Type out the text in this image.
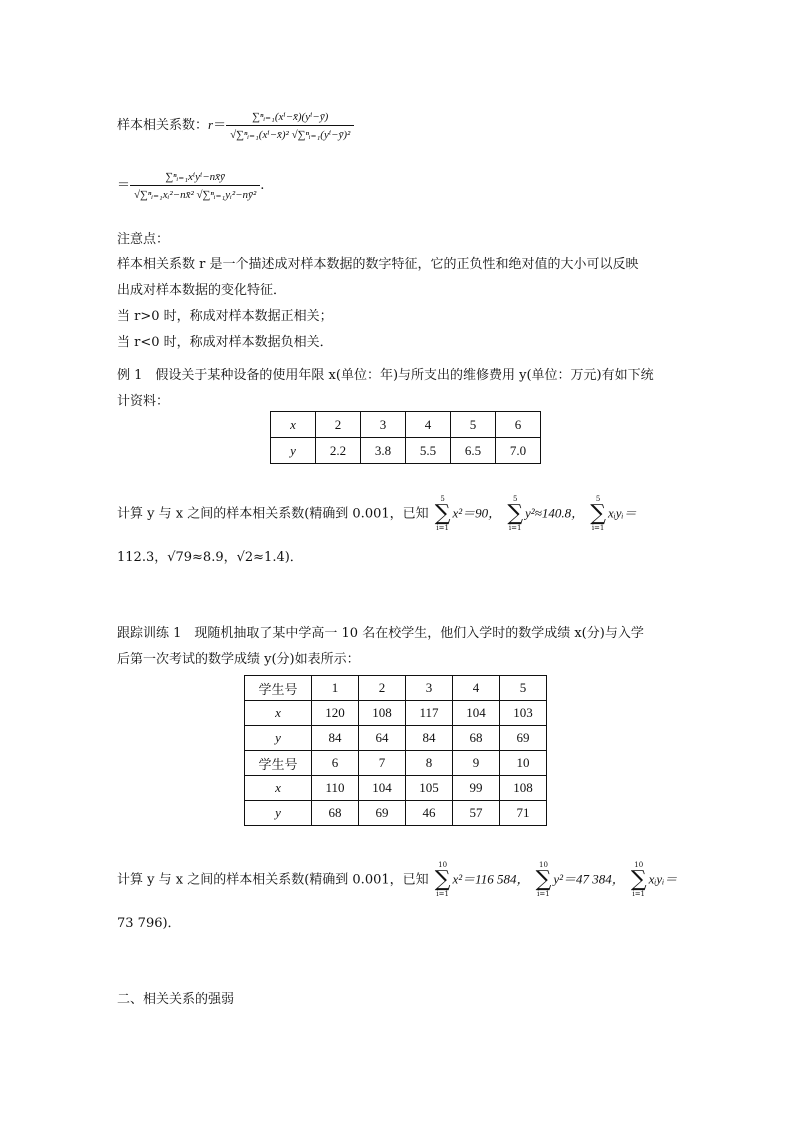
样本相关系数：$r= \frac{\text{∑ⁿᵢ₌₁(xⁱ−x̄)(yⁱ−ȳ)}}{\text{√∑ⁿᵢ₌₁(xⁱ−x̄)² √∑ⁿᵢ₌₁(yⁱ−ȳ)²}}$
＝ $\frac{\text{∑ⁿᵢ₌₁xⁱyⁱ−nx̄ȳ}}{\text{√∑ⁿᵢ₌₁xᵢ²−nx̄² √∑ⁿᵢ₌₁yᵢ²−nȳ²}}$ .
注意点：
样本相关系数 r 是一个描述成对样本数据的数字特征，它的正负性和绝对值的大小可以反映
出成对样本数据的变化特征．
当 r>0 时，称成对样本数据正相关；
当 r<0 时，称成对样本数据负相关．
例 1　假设关于某种设备的使用年限 x(单位：年)与所支出的维修费用 y(单位：万元)有如下统
计资料：
x	2	3	4	5	6
y	2.2	3.8	5.5	6.5	7.0
计算 y 与 x 之间的样本相关系数(精确到 0.001，已知
5
∑
i=1
x²＝90，
5
∑
i=1
y²≈140.8，
5
∑
i=1
xᵢyᵢ＝
112.3，√79≈8.9，√2≈1.4)．
跟踪训练 1　现随机抽取了某中学高一 10 名在校学生，他们入学时的数学成绩 x(分)与入学
后第一次考试的数学成绩 y(分)如表所示：
学生号	1	2	3	4	5
x	120	108	117	104	103
y	84	64	84	68	69
学生号	6	7	8	9	10
x	110	104	105	99	108
y	68	69	46	57	71
计算 y 与 x 之间的样本相关系数(精确到 0.001，已知
10
∑
i=1
x²＝116 584，
10
∑
i=1
y²＝47 384，
10
∑
i=1
xᵢyᵢ＝
73 796)．
二、相关关系的强弱
